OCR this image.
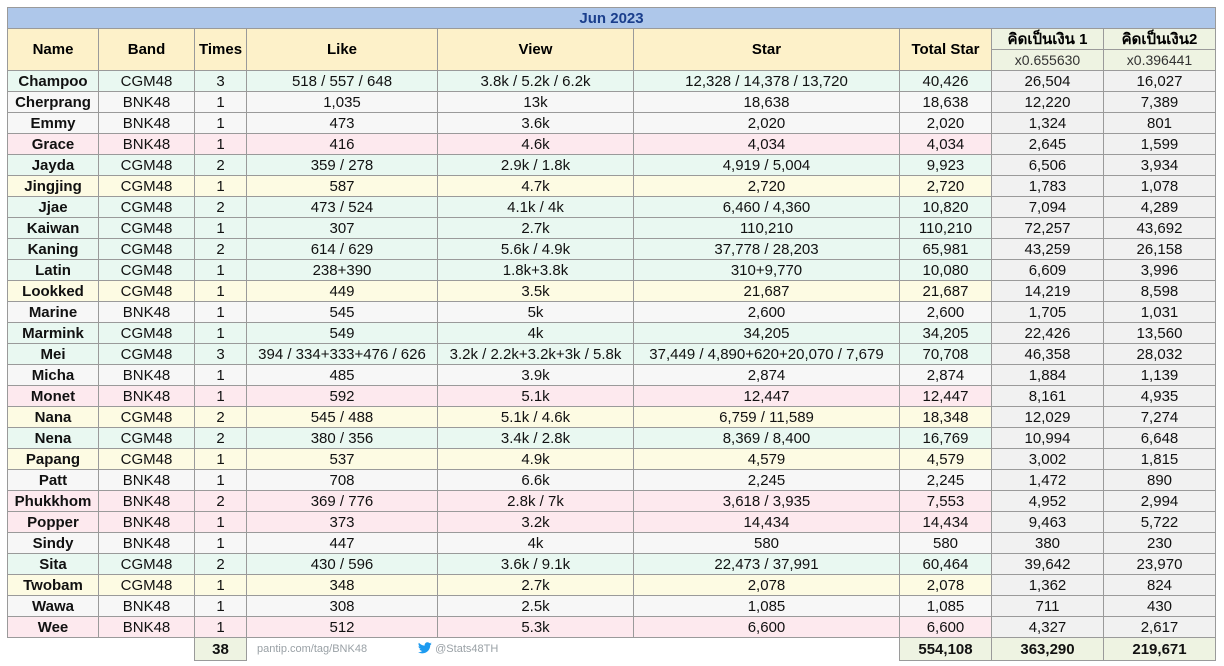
Jun 2023								
Name	Band	Times	Like	View	Star	Total Star	คิดเป็นเงิน 1	คิดเป็นเงิน2
							x0.655630	x0.396441
Champoo	CGM48	3	518 / 557 / 648	3.8k / 5.2k / 6.2k	12,328 / 14,378 / 13,720	40,426	26,504	16,027
Cherprang	BNK48	1	1,035	13k	18,638	18,638	12,220	7,389
Emmy	BNK48	1	473	3.6k	2,020	2,020	1,324	801
Grace	BNK48	1	416	4.6k	4,034	4,034	2,645	1,599
Jayda	CGM48	2	359 / 278	2.9k / 1.8k	4,919 / 5,004	9,923	6,506	3,934
Jingjing	CGM48	1	587	4.7k	2,720	2,720	1,783	1,078
Jjae	CGM48	2	473 / 524	4.1k / 4k	6,460 / 4,360	10,820	7,094	4,289
Kaiwan	CGM48	1	307	2.7k	110,210	110,210	72,257	43,692
Kaning	CGM48	2	614 / 629	5.6k / 4.9k	37,778 / 28,203	65,981	43,259	26,158
Latin	CGM48	1	238+390	1.8k+3.8k	310+9,770	10,080	6,609	3,996
Lookked	CGM48	1	449	3.5k	21,687	21,687	14,219	8,598
Marine	BNK48	1	545	5k	2,600	2,600	1,705	1,031
Marmink	CGM48	1	549	4k	34,205	34,205	22,426	13,560
Mei	CGM48	3	394 / 334+333+476 / 626	3.2k / 2.2k+3.2k+3k / 5.8k	37,449 / 4,890+620+20,070 / 7,679	70,708	46,358	28,032
Micha	BNK48	1	485	3.9k	2,874	2,874	1,884	1,139
Monet	BNK48	1	592	5.1k	12,447	12,447	8,161	4,935
Nana	CGM48	2	545 / 488	5.1k / 4.6k	6,759 / 11,589	18,348	12,029	7,274
Nena	CGM48	2	380 / 356	3.4k / 2.8k	8,369 / 8,400	16,769	10,994	6,648
Papang	CGM48	1	537	4.9k	4,579	4,579	3,002	1,815
Patt	BNK48	1	708	6.6k	2,245	2,245	1,472	890
Phukkhom	BNK48	2	369 / 776	2.8k / 7k	3,618 / 3,935	7,553	4,952	2,994
Popper	BNK48	1	373	3.2k	14,434	14,434	9,463	5,722
Sindy	BNK48	1	447	4k	580	580	380	230
Sita	CGM48	2	430 / 596	3.6k / 9.1k	22,473 / 37,991	60,464	39,642	23,970
Twobam	CGM48	1	348	2.7k	2,078	2,078	1,362	824
Wawa	BNK48	1	308	2.5k	1,085	1,085	711	430
Wee	BNK48	1	512	5.3k	6,600	6,600	4,327	2,617
		38	pantip.com/tag/BNK48 @Stats48TH			554,108	363,290	219,671
